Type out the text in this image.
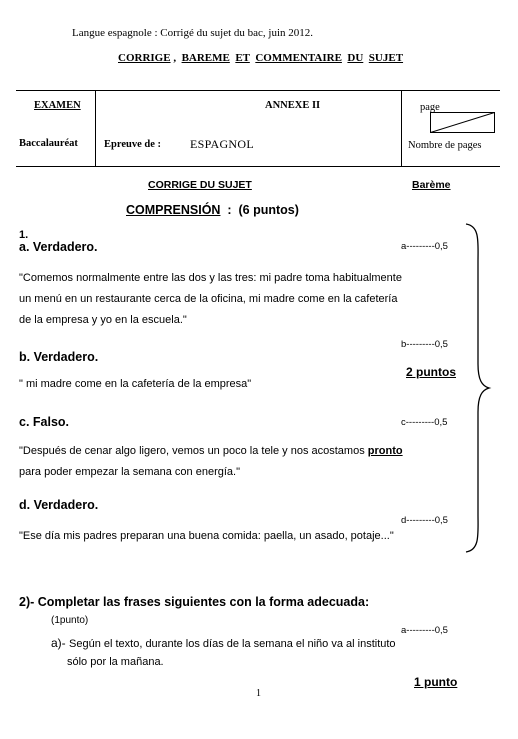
Langue espagnole : Corrigé du sujet du bac, juin 2012.
CORRIGE ,  BAREME ET COMMENTAIRE DU SUJET
EXAMEN	ANNEXE II	page
Baccalauréat Epreuve de : ESPAGNOL	Nombre de pages
CORRIGE DU SUJET	Barème
COMPRENSIÓN  :  (6 puntos)
1.
a. Verdadero.	a---------0,5
"Comemos normalmente entre las dos y las tres: mi padre toma habitualmente
un menú en un restaurante cerca de la oficina, mi madre come en la cafetería
de la empresa y yo en la escuela."
b---------0,5
b. Verdadero.
2 puntos
" mi madre come en la cafetería de la empresa"
c. Falso.	c---------0,5
"Después de cenar algo ligero, vemos un poco la tele y nos acostamos pronto
para poder empezar la semana con energía."
d. Verdadero.
d---------0,5
"Ese día mis padres preparan una buena comida: paella, un asado, potaje..."
2)- Completar las frases siguientes con la forma adecuada:
(1punto)
a---------0,5
a)- Según el texto, durante los días de la semana el niño va al instituto
sólo por la mañana.
1 punto
1
